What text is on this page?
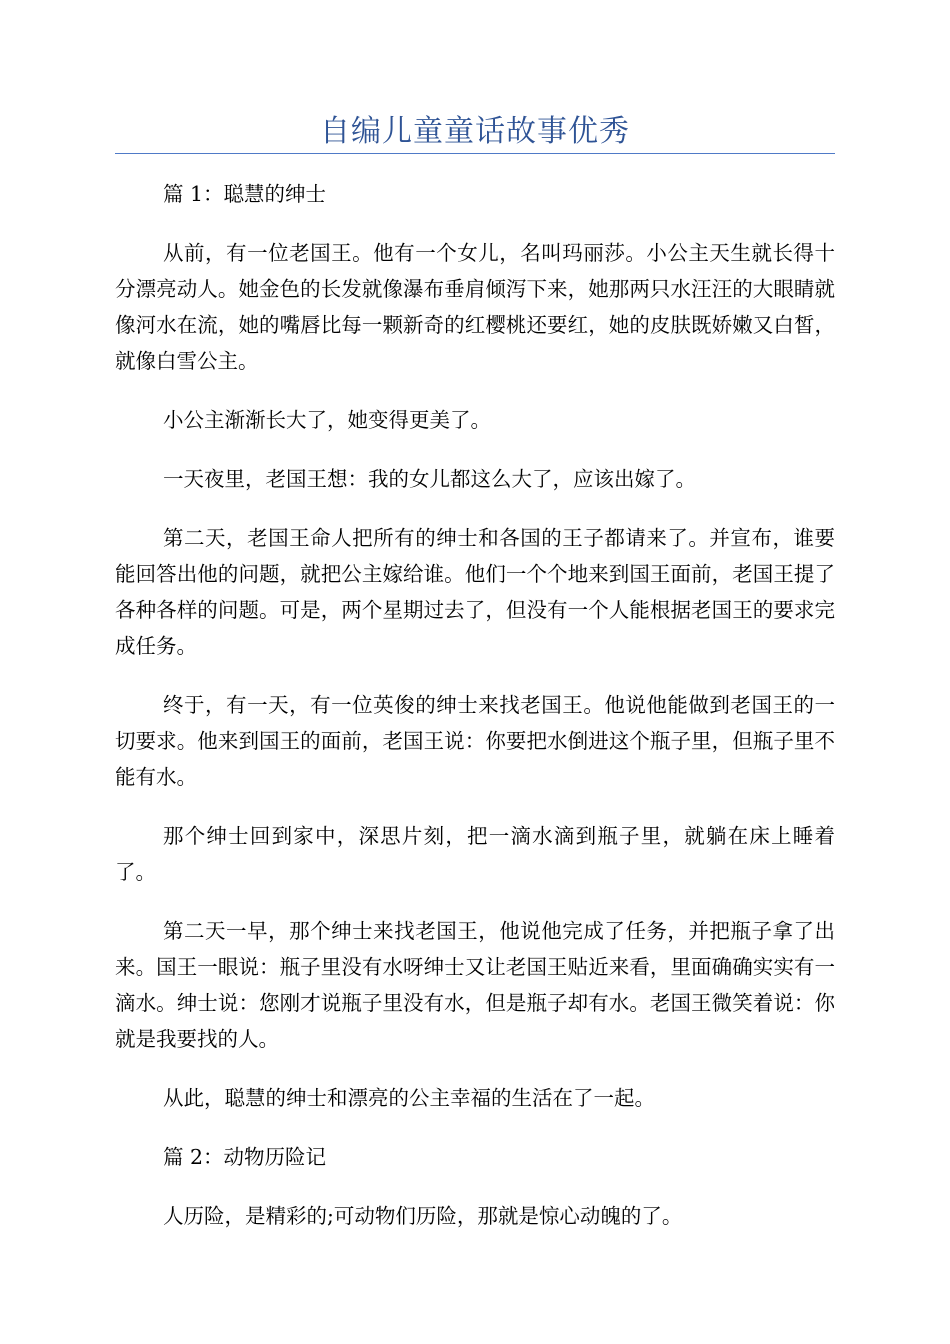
自编儿童童话故事优秀

篇 1：聪慧的绅士

从前，有一位老国王。他有一个女儿，名叫玛丽莎。小公主天生就长得十分漂亮动人。她金色的长发就像瀑布垂肩倾泻下来，她那两只水汪汪的大眼睛就像河水在流，她的嘴唇比每一颗新奇的红樱桃还要红，她的皮肤既娇嫩又白皙，就像白雪公主。

小公主渐渐长大了，她变得更美了。

一天夜里，老国王想：我的女儿都这么大了，应该出嫁了。

第二天，老国王命人把所有的绅士和各国的王子都请来了。并宣布，谁要能回答出他的问题，就把公主嫁给谁。他们一个个地来到国王面前，老国王提了各种各样的问题。可是，两个星期过去了，但没有一个人能根据老国王的要求完成任务。

终于，有一天，有一位英俊的绅士来找老国王。他说他能做到老国王的一切要求。他来到国王的面前，老国王说：你要把水倒进这个瓶子里，但瓶子里不能有水。

那个绅士回到家中，深思片刻，把一滴水滴到瓶子里，就躺在床上睡着了。

第二天一早，那个绅士来找老国王，他说他完成了任务，并把瓶子拿了出来。国王一眼说：瓶子里没有水呀绅士又让老国王贴近来看，里面确确实实有一滴水。绅士说：您刚才说瓶子里没有水，但是瓶子却有水。老国王微笑着说：你就是我要找的人。

从此，聪慧的绅士和漂亮的公主幸福的生活在了一起。

篇 2：动物历险记

人历险，是精彩的;可动物们历险，那就是惊心动魄的了。
